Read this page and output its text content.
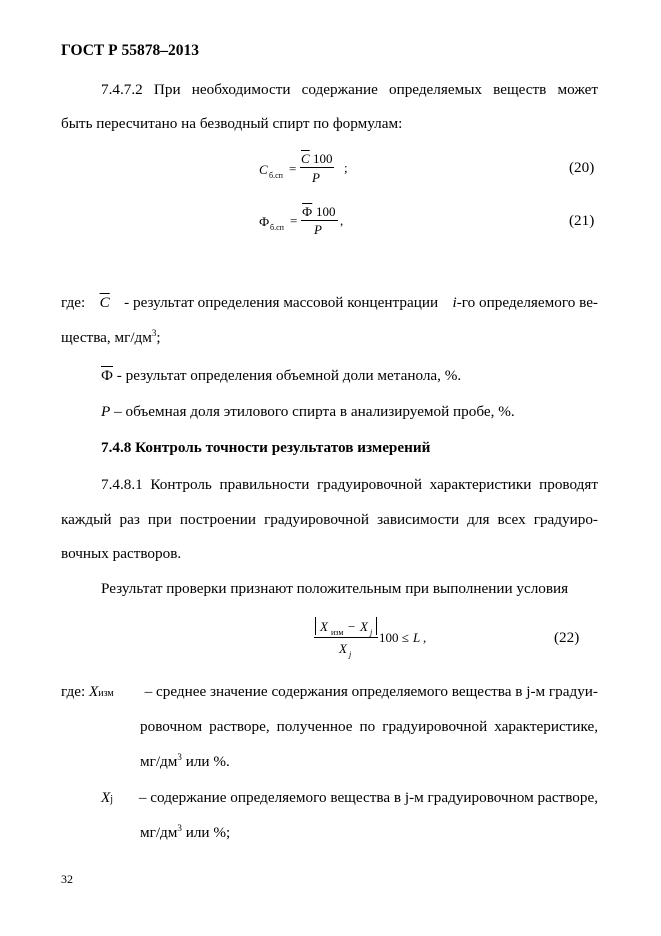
ГОСТ Р 55878–2013
7.4.7.2 При необходимости содержание определяемых веществ может
быть пересчитано на безводный спирт по формулам:
C б.сп =
$\overline{C}$ 100
P
;	(20)
Ф б.сп =
Ф 100
P
,	(21)
где: $\overline{C}$ - результат определения массовой концентрации i-го определяемого ве-
щества, $мг/дм^3$;
Ф - результат определения объемной доли метанола, %.
P – объемная доля этилового спирта в анализируемой пробе, %.
7.4.8 Контроль точности результатов измерений
7.4.8.1 Контроль правильности градуировочной характеристики проводят
каждый раз при построении градуировочной зависимости для всех градуиро-
вочных растворов.
Результат проверки признают положительным при выполнении условия
X изм − X j
X j
100 ≤ L ,	(22)
где: Xизм – среднее значение содержания определяемого вещества в j-м градуи-
ровочном растворе, полученное по градуировочной характеристике,
$мг/дм^3$ или %.
Xj – содержание определяемого вещества в j-м градуировочном растворе,
$мг/дм^3$ или %;
32
